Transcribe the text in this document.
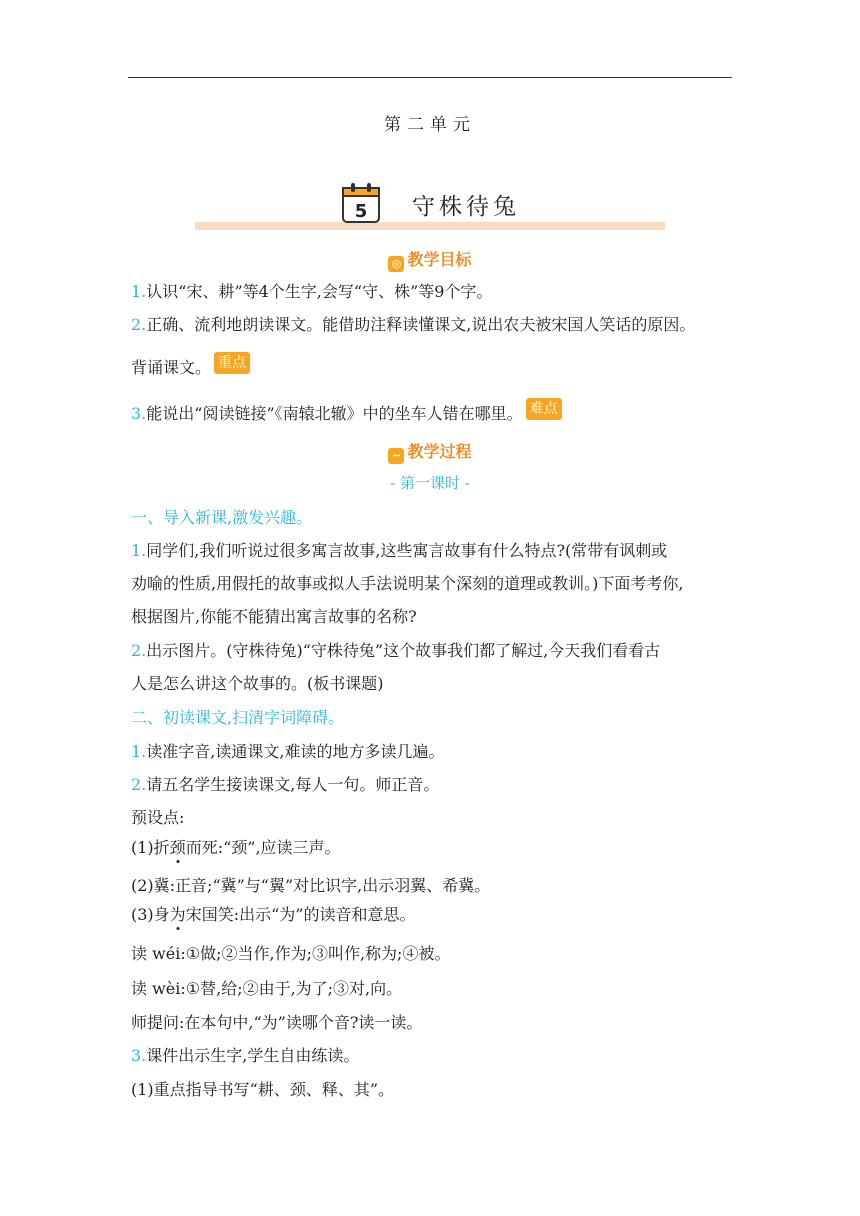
第二单元
5 守株待兔
◎ 教学目标
1.认识“宋、耕”等4个生字,会写“守、株”等9个字。
2.正确、流利地朗读课文。能借助注释读懂课文,说出农夫被宋国人笑话的原因。
背诵课文。 重点
3.能说出“阅读链接”《南辕北辙》中的坐车人错在哪里。 难点
~ 教学过程
- 第一课时 -
一、导入新课,激发兴趣。
1.同学们,我们听说过很多寓言故事,这些寓言故事有什么特点?(常带有讽刺或
劝喻的性质,用假托的故事或拟人手法说明某个深刻的道理或教训。)下面考考你,
根据图片,你能不能猜出寓言故事的名称?
2.出示图片。(守株待兔)“守株待兔”这个故事我们都了解过,今天我们看看古
人是怎么讲这个故事的。(板书课题)
二、初读课文,扫清字词障碍。
1.读准字音,读通课文,难读的地方多读几遍。
2.请五名学生接读课文,每人一句。师正音。
预设点:
(1)折颈而死:“颈”,应读三声。
(2)冀:正音;“冀”与“翼”对比识字,出示羽翼、希冀。
(3)身为宋国笑:出示“为”的读音和意思。
读 wéi:①做;②当作,作为;③叫作,称为;④被。
读 wèi:①替,给;②由于,为了;③对,向。
师提问:在本句中,“为”读哪个音?读一读。
3.课件出示生字,学生自由练读。
(1)重点指导书写“耕、颈、释、其”。
